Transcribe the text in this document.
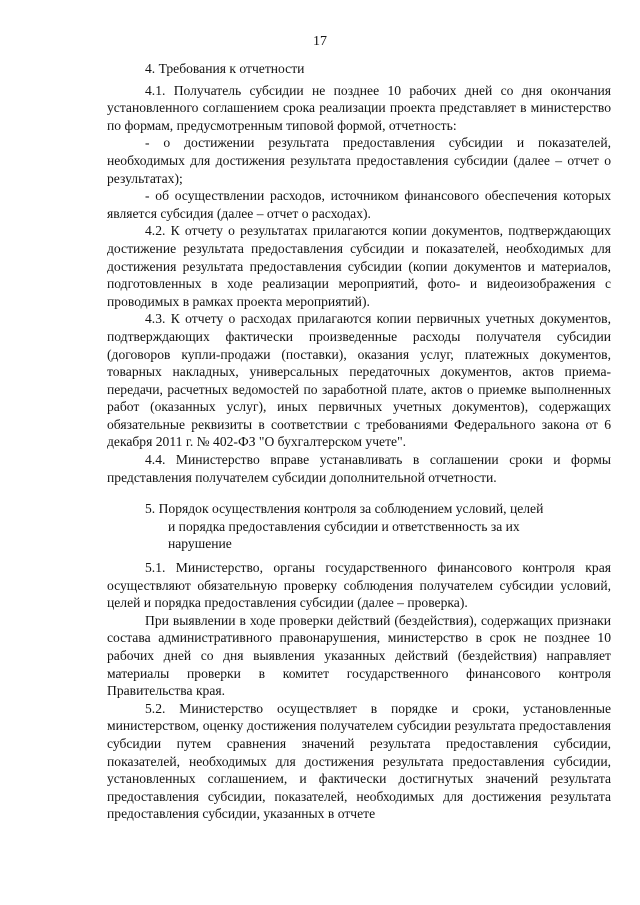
17

4. Требования к отчетности

4.1. Получатель субсидии не позднее 10 рабочих дней со дня окончания установленного соглашением срока реализации проекта представляет в министерство по формам, предусмотренным типовой формой, отчетность:

- о достижении результата предоставления субсидии и показателей, необходимых для достижения результата предоставления субсидии (далее – отчет о результатах);

- об осуществлении расходов, источником финансового обеспечения которых является субсидия (далее – отчет о расходах).

4.2. К отчету о результатах прилагаются копии документов, подтверждающих достижение результата предоставления субсидии и показателей, необходимых для достижения результата предоставления субсидии (копии документов и материалов, подготовленных в ходе реализации мероприятий, фото- и видеоизображения с проводимых в рамках проекта мероприятий).

4.3. К отчету о расходах прилагаются копии первичных учетных документов, подтверждающих фактически произведенные расходы получателя субсидии (договоров купли-продажи (поставки), оказания услуг, платежных документов, товарных накладных, универсальных передаточных документов, актов приема-передачи, расчетных ведомостей по заработной плате, актов о приемке выполненных работ (оказанных услуг), иных первичных учетных документов), содержащих обязательные реквизиты в соответствии с требованиями Федерального закона от 6 декабря 2011 г. № 402-ФЗ "О бухгалтерском учете".

4.4. Министерство вправе устанавливать в соглашении сроки и формы представления получателем субсидии дополнительной отчетности.

5. Порядок осуществления контроля за соблюдением условий, целей
и порядка предоставления субсидии и ответственность за их
нарушение

5.1. Министерство, органы государственного финансового контроля края осуществляют обязательную проверку соблюдения получателем субсидии условий, целей и порядка предоставления субсидии (далее – проверка).

При выявлении в ходе проверки действий (бездействия), содержащих признаки состава административного правонарушения, министерство в срок не позднее 10 рабочих дней со дня выявления указанных действий (бездействия) направляет материалы проверки в комитет государственного финансового контроля Правительства края.

5.2. Министерство осуществляет в порядке и сроки, установленные министерством, оценку достижения получателем субсидии результата предоставления субсидии путем сравнения значений результата предоставления субсидии, показателей, необходимых для достижения результата предоставления субсидии, установленных соглашением, и фактически достигнутых значений результата предоставления субсидии, показателей, необходимых для достижения результата предоставления субсидии, указанных в отчете
